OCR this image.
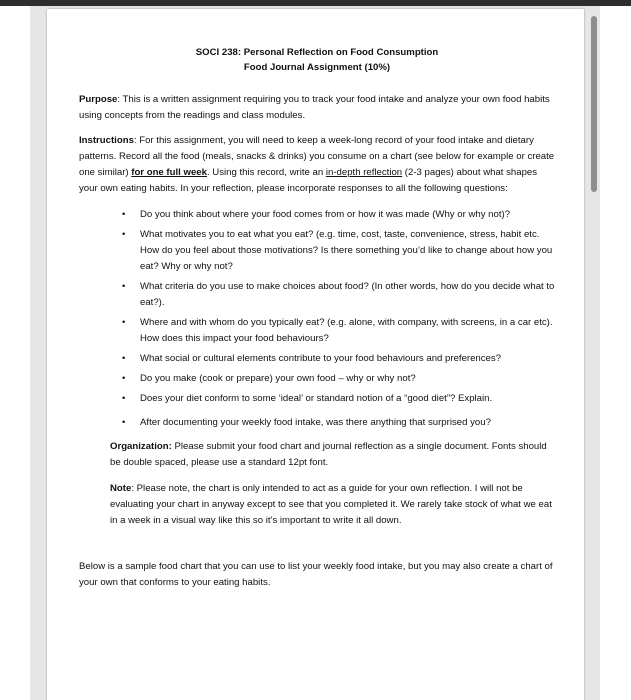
SOCI 238: Personal Reflection on Food Consumption

Food Journal Assignment (10%)

Purpose: This is a written assignment requiring you to track your food intake and analyze your own food habits using concepts from the readings and class modules.

Instructions: For this assignment, you will need to keep a week-long record of your food intake and dietary patterns. Record all the food (meals, snacks & drinks) you consume on a chart (see below for example or create one similar) for one full week. Using this record, write an in-depth reflection (2-3 pages) about what shapes your own eating habits. In your reflection, please incorporate responses to all the following questions:

• Do you think about where your food comes from or how it was made (Why or why not)?
• What motivates you to eat what you eat? (e.g. time, cost, taste, convenience, stress, habit etc. How do you feel about those motivations? Is there something you’d like to change about how you eat? Why or why not?
• What criteria do you use to make choices about food? (In other words, how do you decide what to eat?).
• Where and with whom do you typically eat? (e.g. alone, with company, with screens, in a car etc). How does this impact your food behaviours?
• What social or cultural elements contribute to your food behaviours and preferences?
• Do you make (cook or prepare) your own food – why or why not?
• Does your diet conform to some ‘ideal’ or standard notion of a “good diet”? Explain.
• After documenting your weekly food intake, was there anything that surprised you?

Organization: Please submit your food chart and journal reflection as a single document. Fonts should be double spaced, please use a standard 12pt font.

Note: Please note, the chart is only intended to act as a guide for your own reflection. I will not be evaluating your chart in anyway except to see that you completed it. We rarely take stock of what we eat in a week in a visual way like this so it’s important to write it all down.

Below is a sample food chart that you can use to list your weekly food intake, but you may also create a chart of your own that conforms to your eating habits.
